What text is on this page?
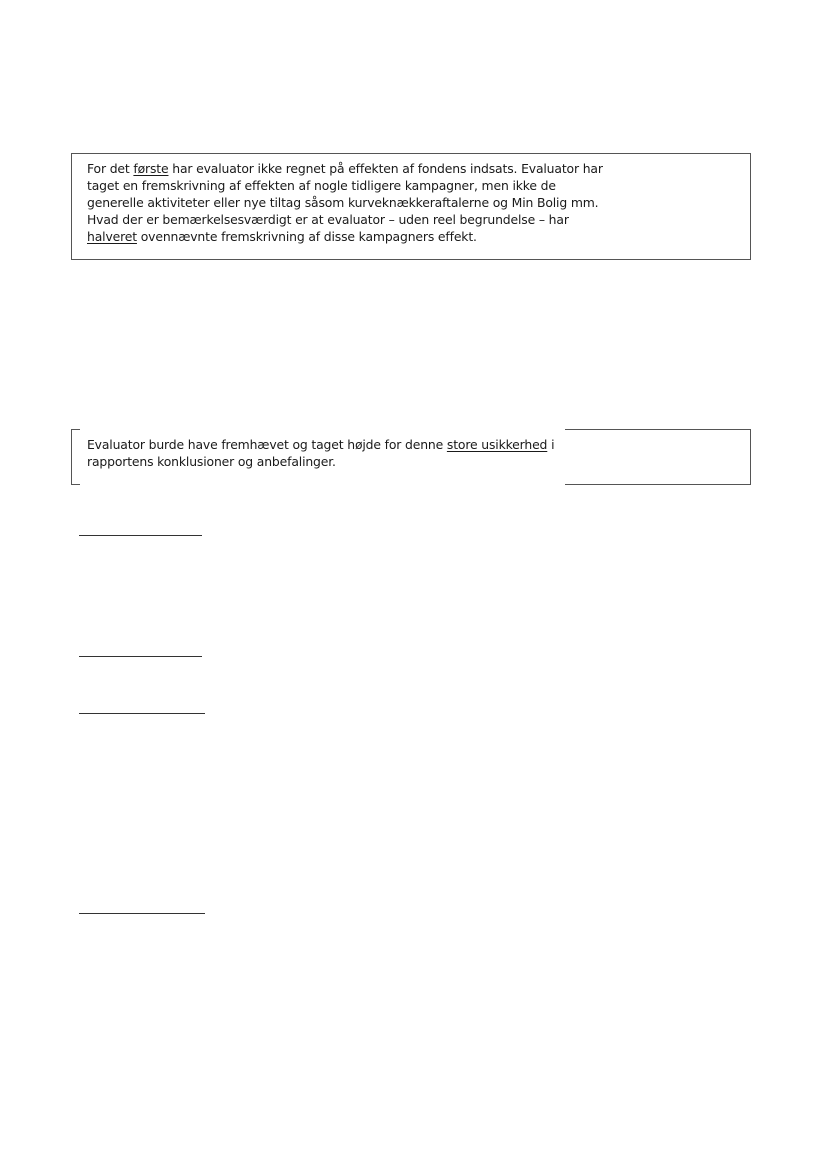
For det første har evaluator ikke regnet på effekten af fondens indsats. Evaluator har
taget en fremskrivning af effekten af nogle tidligere kampagner, men ikke de
generelle aktiviteter eller nye tiltag såsom kurveknækkeraftalerne og Min Bolig mm.
Hvad der er bemærkelsesværdigt er at evaluator – uden reel begrundelse – har
halveret ovennævnte fremskrivning af disse kampagners effekt.
Evaluator burde have fremhævet og taget højde for denne store usikkerhed i
rapportens konklusioner og anbefalinger.
